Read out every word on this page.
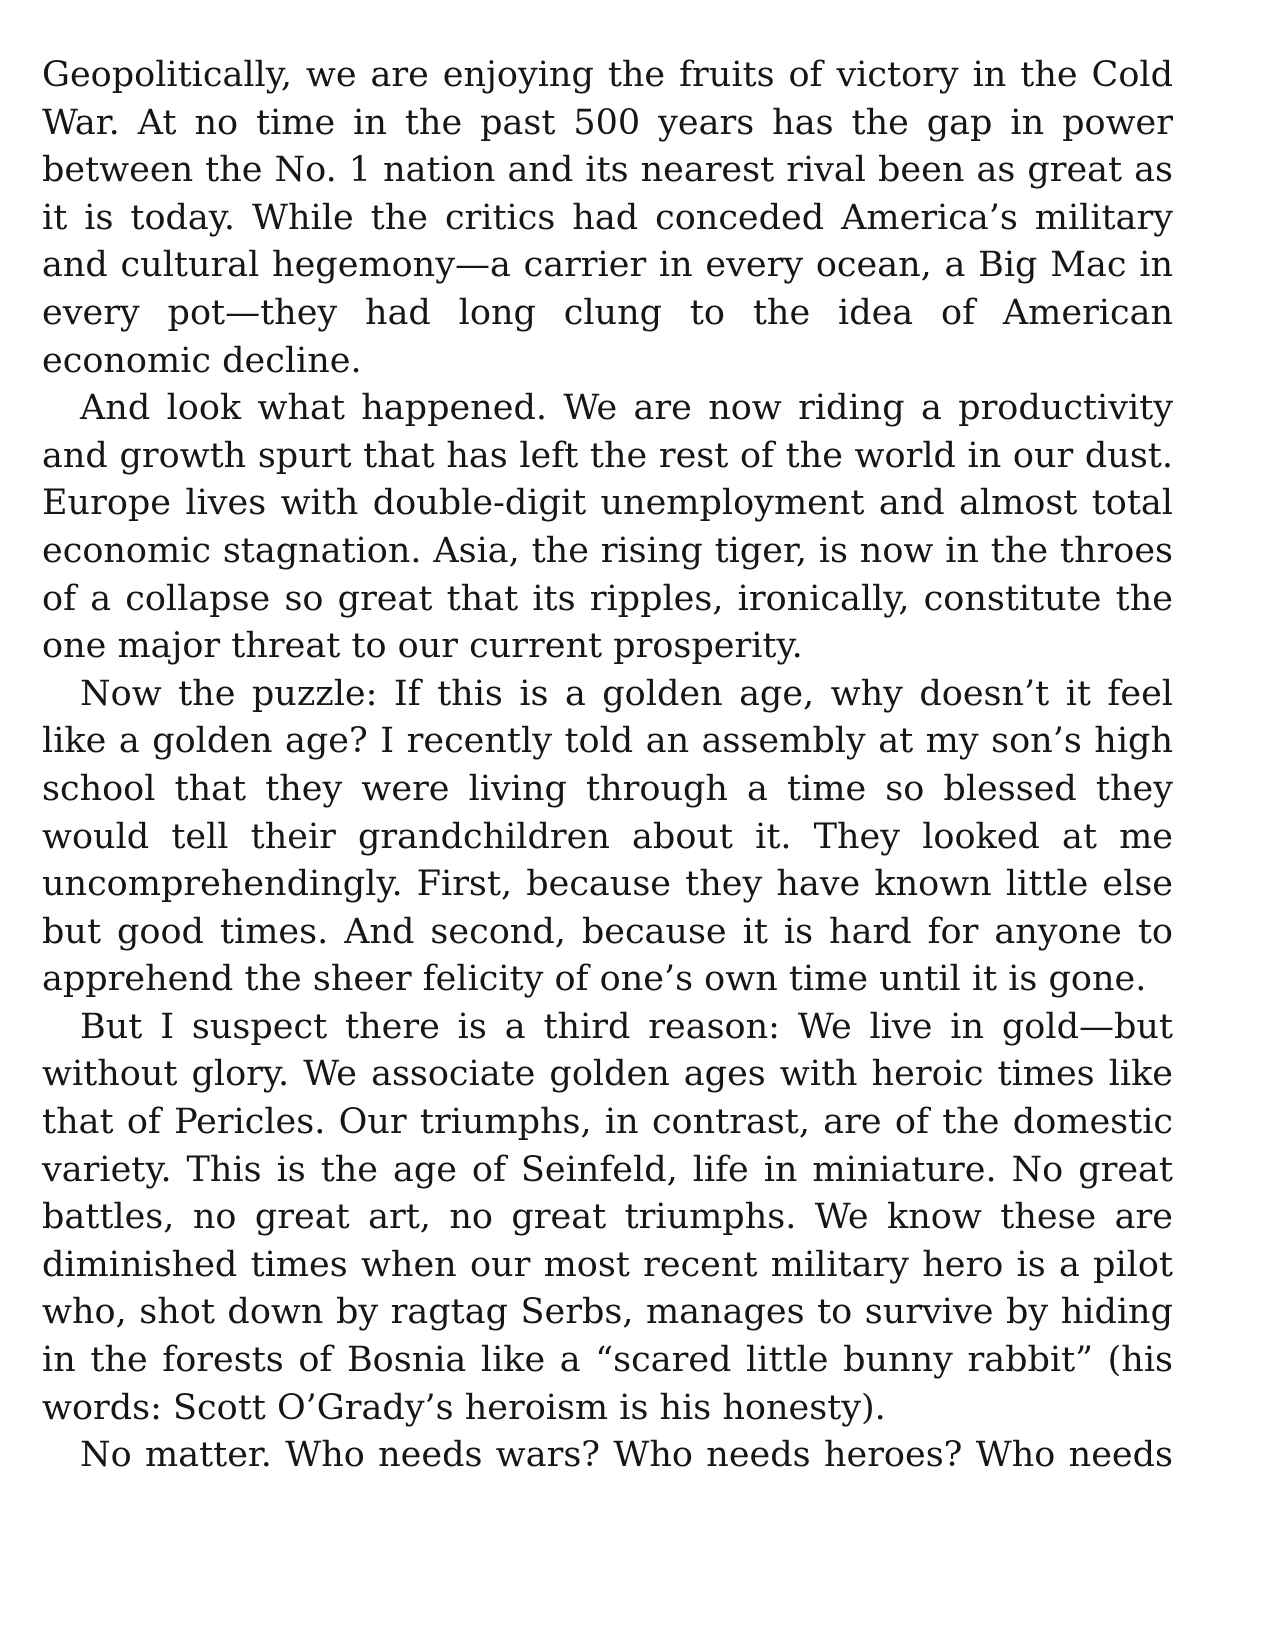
Geopolitically, we are enjoying the fruits of victory in the Cold War. At no time in the past 500 years has the gap in power between the No. 1 nation and its nearest rival been as great as it is today. While the critics had conceded America’s military and cultural hegemony—a carrier in every ocean, a Big Mac in every pot—they had long clung to the idea of American economic decline.

And look what happened. We are now riding a productivity and growth spurt that has left the rest of the world in our dust. Europe lives with double-digit unemployment and almost total economic stagnation. Asia, the rising tiger, is now in the throes of a collapse so great that its ripples, ironically, constitute the one major threat to our current prosperity.

Now the puzzle: If this is a golden age, why doesn’t it feel like a golden age? I recently told an assembly at my son’s high school that they were living through a time so blessed they would tell their grandchildren about it. They looked at me uncomprehendingly. First, because they have known little else but good times. And second, because it is hard for anyone to apprehend the sheer felicity of one’s own time until it is gone.

But I suspect there is a third reason: We live in gold—but without glory. We associate golden ages with heroic times like that of Pericles. Our triumphs, in contrast, are of the domestic variety. This is the age of Seinfeld, life in miniature. No great battles, no great art, no great triumphs. We know these are diminished times when our most recent military hero is a pilot who, shot down by ragtag Serbs, manages to survive by hiding in the forests of Bosnia like a “scared little bunny rabbit” (his words: Scott O’Grady’s heroism is his honesty).

No matter. Who needs wars? Who needs heroes? Who needs
